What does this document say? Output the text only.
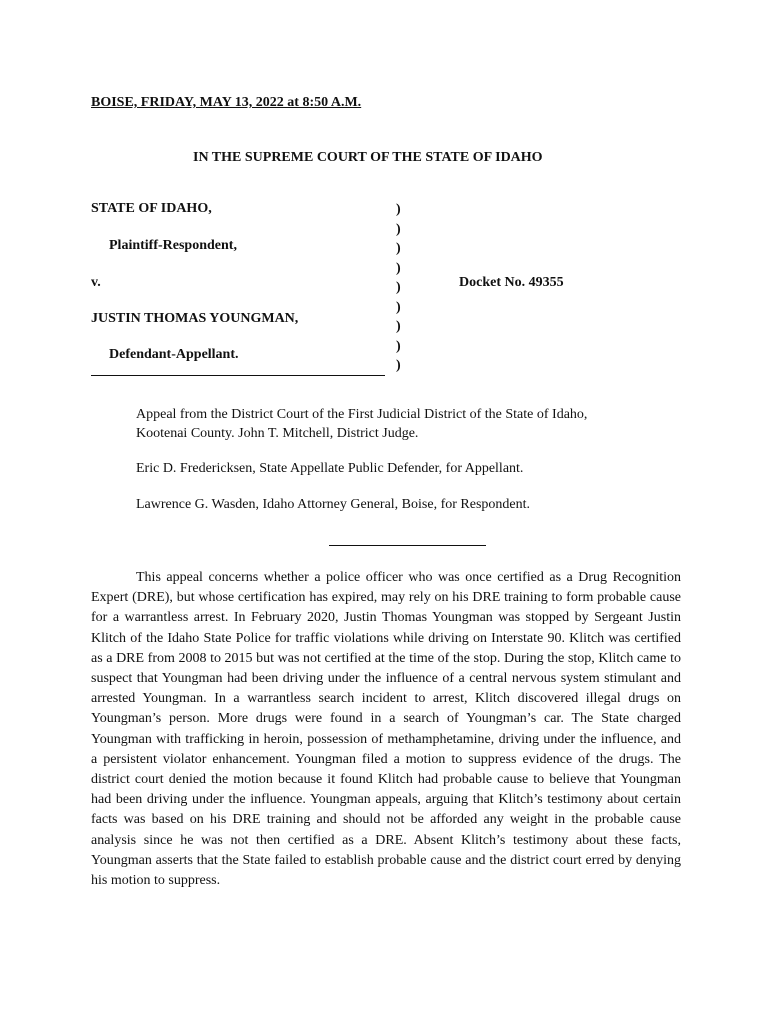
BOISE, FRIDAY, MAY 13, 2022 at 8:50 A.M.
IN THE SUPREME COURT OF THE STATE OF IDAHO
STATE OF IDAHO,
Plaintiff-Respondent,
v.
JUSTIN THOMAS YOUNGMAN,
Defendant-Appellant.
)
)
)
)
)
)
)
)
)
Docket No. 49355
Appeal from the District Court of the First Judicial District of the State of Idaho,
Kootenai County. John T. Mitchell, District Judge.
Eric D. Fredericksen, State Appellate Public Defender, for Appellant.
Lawrence G. Wasden, Idaho Attorney General, Boise, for Respondent.
This appeal concerns whether a police officer who was once certified as a Drug Recognition Expert (DRE), but whose certification has expired, may rely on his DRE training to form probable cause for a warrantless arrest. In February 2020, Justin Thomas Youngman was stopped by Sergeant Justin Klitch of the Idaho State Police for traffic violations while driving on Interstate 90. Klitch was certified as a DRE from 2008 to 2015 but was not certified at the time of the stop. During the stop, Klitch came to suspect that Youngman had been driving under the influence of a central nervous system stimulant and arrested Youngman. In a warrantless search incident to arrest, Klitch discovered illegal drugs on Youngman’s person. More drugs were found in a search of Youngman’s car. The State charged Youngman with trafficking in heroin, possession of methamphetamine, driving under the influence, and a persistent violator enhancement. Youngman filed a motion to suppress evidence of the drugs. The district court denied the motion because it found Klitch had probable cause to believe that Youngman had been driving under the influence. Youngman appeals, arguing that Klitch’s testimony about certain facts was based on his DRE training and should not be afforded any weight in the probable cause analysis since he was not then certified as a DRE. Absent Klitch’s testimony about these facts, Youngman asserts that the State failed to establish probable cause and the district court erred by denying his motion to suppress.
